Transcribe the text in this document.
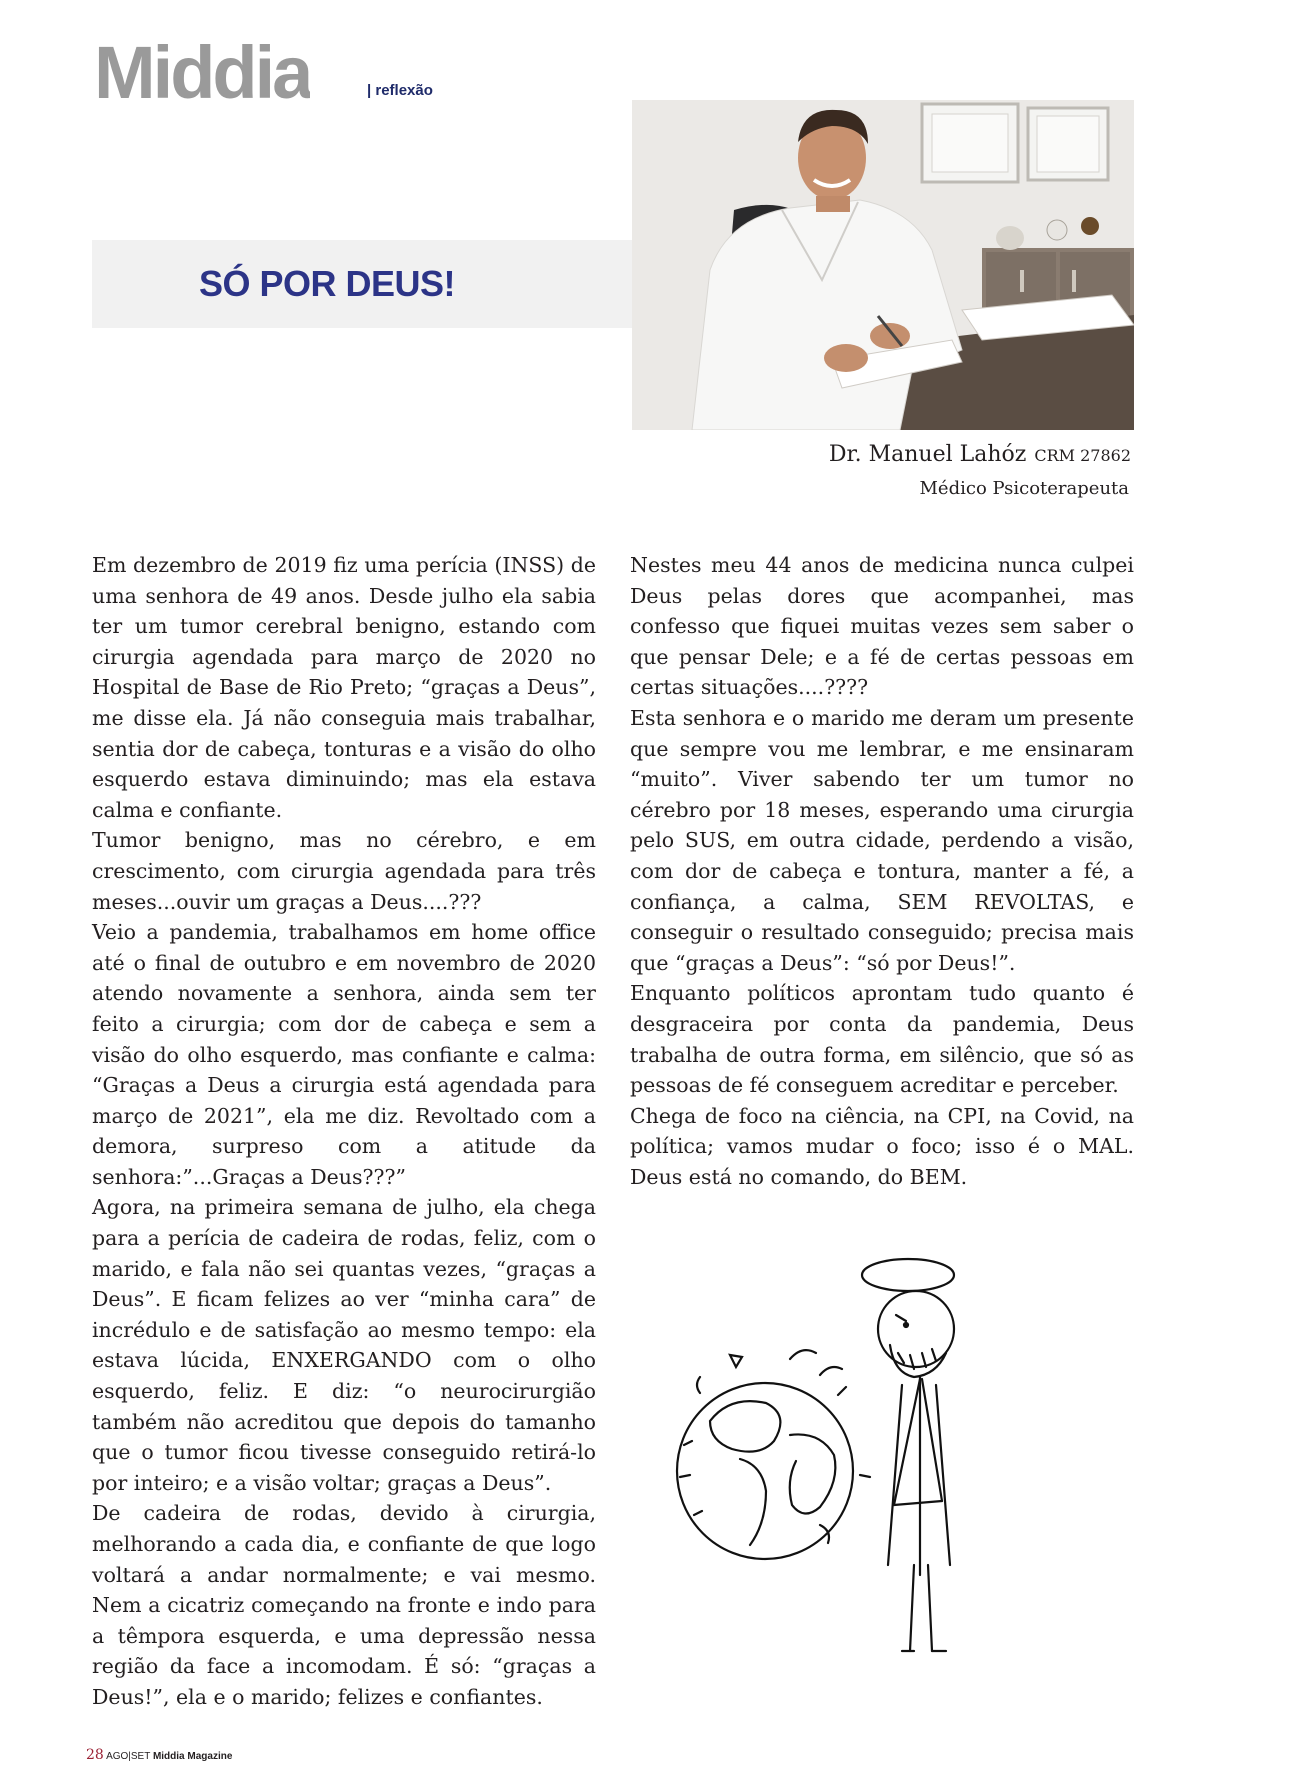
Middia	| reflexão
SÓ POR DEUS!
Dr. Manuel Lahóz CRM 27862
Médico Psicoterapeuta

Em dezembro de 2019 fiz uma perícia (INSS) de uma senhora de 49 anos. Desde julho ela sabia ter um tumor cerebral benigno, estando com cirurgia agendada para março de 2020 no Hospital de Base de Rio Preto; “graças a Deus”, me disse ela. Já não conseguia mais trabalhar, sentia dor de cabeça, tonturas e a visão do olho esquerdo estava diminuindo; mas ela estava calma e confiante.

Tumor benigno, mas no cérebro, e em crescimento, com cirurgia agendada para três meses...ouvir um graças a Deus....???

Veio a pandemia, trabalhamos em home office até o final de outubro e em novembro de 2020 atendo novamente a senhora, ainda sem ter feito a cirurgia; com dor de cabeça e sem a visão do olho esquerdo, mas confiante e calma: “Graças a Deus a cirurgia está agendada para março de 2021”, ela me diz. Revoltado com a demora, surpreso com a atitude da senhora:”...Graças a Deus???”

Agora, na primeira semana de julho, ela chega para a perícia de cadeira de rodas, feliz, com o marido, e fala não sei quantas vezes, “graças a Deus”. E ficam felizes ao ver “minha cara” de incrédulo e de satisfação ao mesmo tempo: ela estava lúcida, ENXERGANDO com o olho esquerdo, feliz. E diz: “o neurocirurgião também não acreditou que depois do tamanho que o tumor ficou tivesse conseguido retirá-lo por inteiro; e a visão voltar; graças a Deus”.

De cadeira de rodas, devido à cirurgia, melhorando a cada dia, e confiante de que logo voltará a andar normalmente; e vai mesmo. Nem a cicatriz começando na fronte e indo para a têmpora esquerda, e uma depressão nessa região da face a incomodam. É só: “graças a Deus!”, ela e o marido; felizes e confiantes.

Nestes meu 44 anos de medicina nunca culpei Deus pelas dores que acompanhei, mas confesso que fiquei muitas vezes sem saber o que pensar Dele; e a fé de certas pessoas em certas situações....????

Esta senhora e o marido me deram um presente que sempre vou me lembrar, e me ensinaram “muito”. Viver sabendo ter um tumor no cérebro por 18 meses, esperando uma cirurgia pelo SUS, em outra cidade, perdendo a visão, com dor de cabeça e tontura, manter a fé, a confiança, a calma, SEM REVOLTAS, e conseguir o resultado conseguido; precisa mais que “graças a Deus”: “só por Deus!”.

Enquanto políticos aprontam tudo quanto é desgraceira por conta da pandemia, Deus trabalha de outra forma, em silêncio, que só as pessoas de fé conseguem acreditar e perceber.

Chega de foco na ciência, na CPI, na Covid, na política; vamos mudar o foco; isso é o MAL. Deus está no comando, do BEM.

28 AGO|SET Middia Magazine
